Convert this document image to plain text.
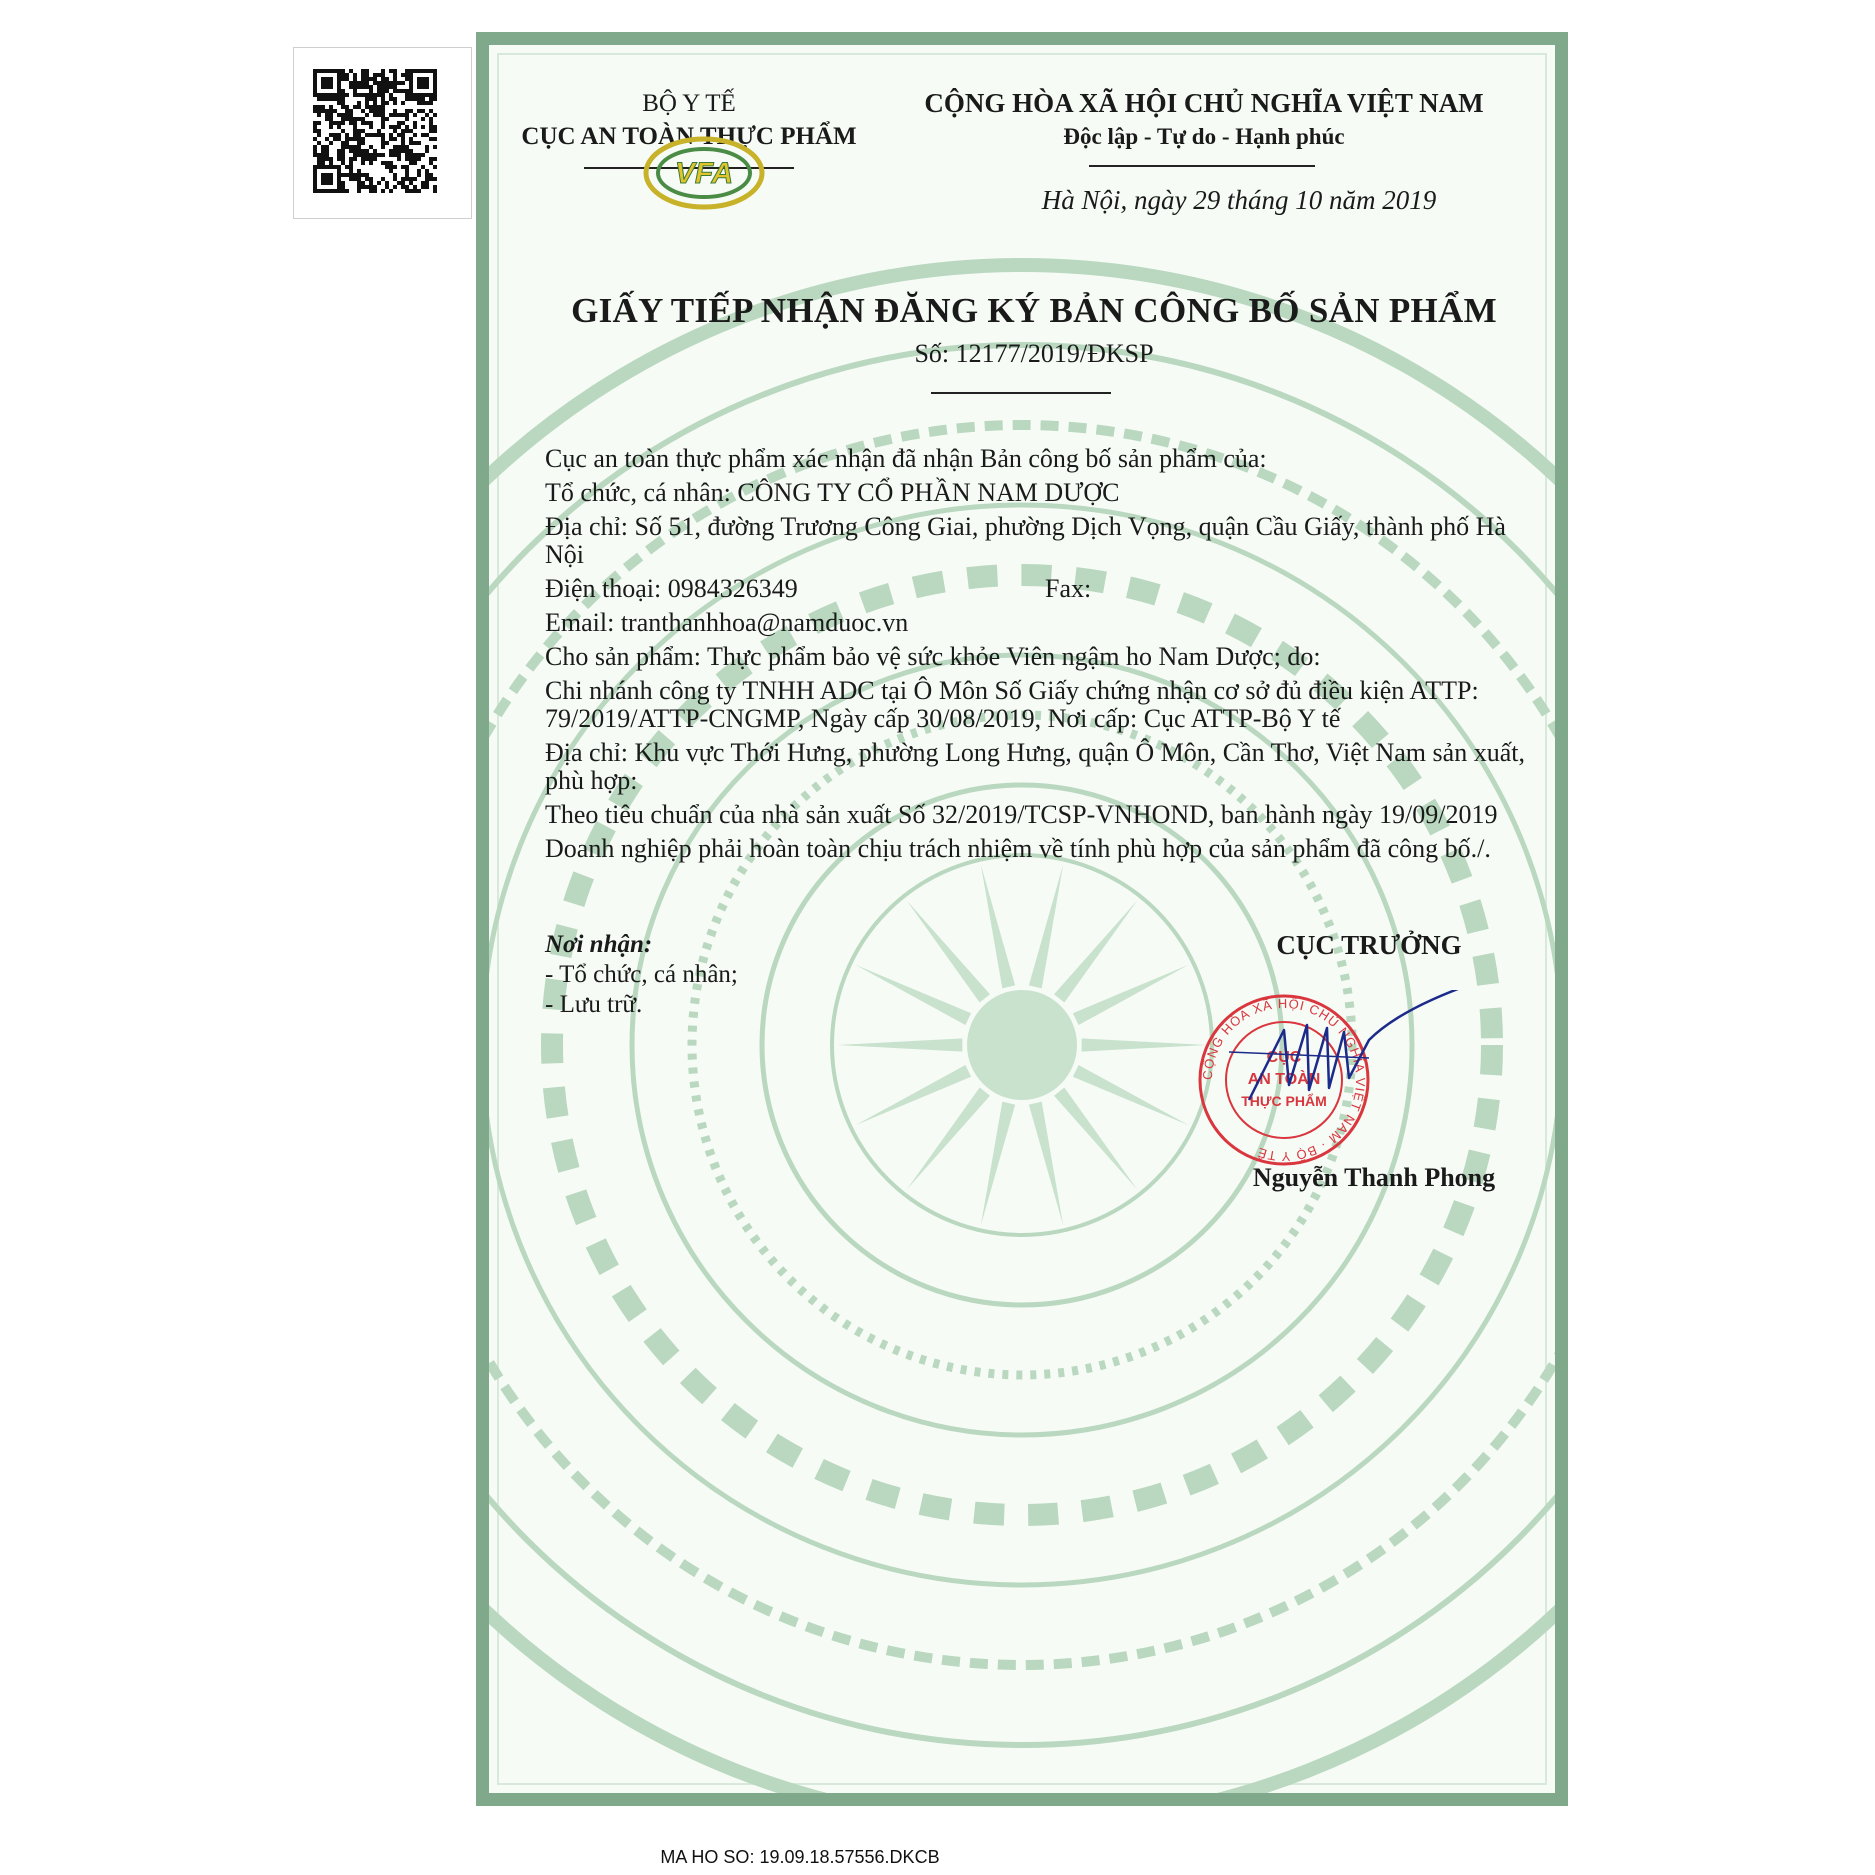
BỘ Y TẾ
CỤC AN TOÀN THỰC PHẨM
VFA
CỘNG HÒA XÃ HỘI CHỦ NGHĨA VIỆT NAM
Độc lập - Tự do - Hạnh phúc
Hà Nội, ngày 29 tháng 10 năm 2019
GIẤY TIẾP NHẬN ĐĂNG KÝ BẢN CÔNG BỐ SẢN PHẨM
Số: 12177/2019/ĐKSP

Cục an toàn thực phẩm xác nhận đã nhận Bản công bố sản phẩm của:

Tổ chức, cá nhân: CÔNG TY CỔ PHẦN NAM DƯỢC

Địa chỉ: Số 51, đường Trương Công Giai, phường Dịch Vọng, quận Cầu Giấy, thành phố Hà Nội

Điện thoại: 0984326349	Fax:

Email: tranthanhhoa@namduoc.vn

Cho sản phẩm: Thực phẩm bảo vệ sức khỏe Viên ngậm ho Nam Dược; do:

Chi nhánh công ty TNHH ADC tại Ô Môn Số Giấy chứng nhận cơ sở đủ điều kiện ATTP: 79/2019/ATTP-CNGMP, Ngày cấp 30/08/2019, Nơi cấp: Cục ATTP-Bộ Y tế

Địa chỉ: Khu vực Thới Hưng, phường Long Hưng, quận Ô Môn, Cần Thơ, Việt Nam sản xuất, phù hợp:

Theo tiêu chuẩn của nhà sản xuất Số 32/2019/TCSP-VNHOND, ban hành ngày 19/09/2019

Doanh nghiệp phải hoàn toàn chịu trách nhiệm về tính phù hợp của sản phẩm đã công bố./.

Nơi nhận:
- Tổ chức, cá nhân;
- Lưu trữ.
CỤC TRƯỞNG
CỘNG HÒA XÃ HỘI CHỦ NGHĨA VIỆT NAM · BỘ Y TẾ
CỤC
AN TOÀN
THỰC PHẨM
Nguyễn Thanh Phong
MA HO SO: 19.09.18.57556.DKCB
